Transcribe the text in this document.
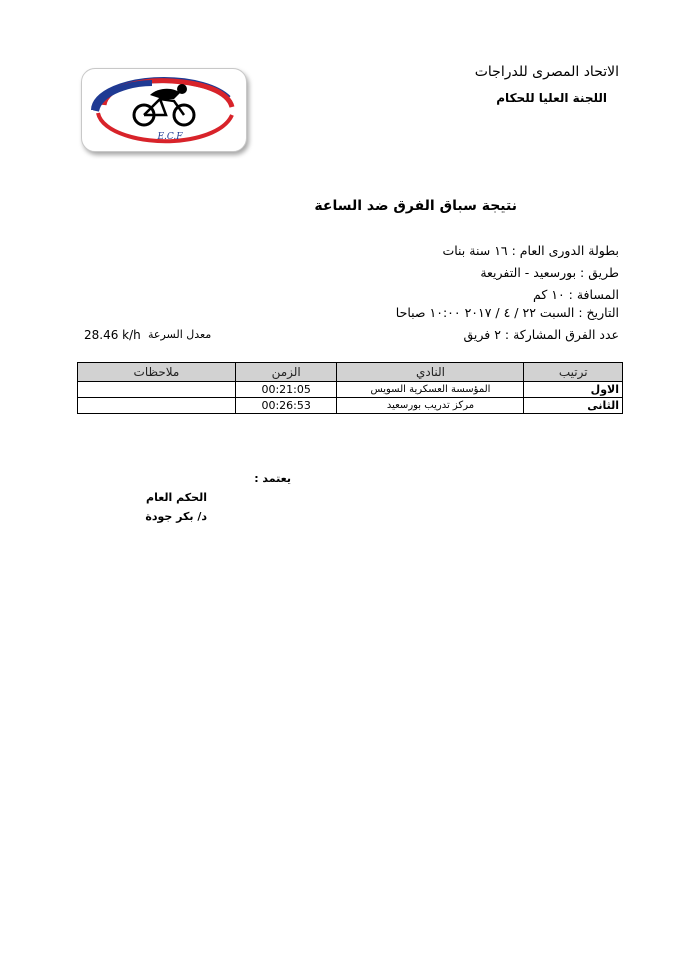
E.C.F
الاتحاد المصرى للدراجات
اللجنة العليا للحكام
نتيجة سباق الفرق ضد الساعة
بطولة الدورى العام : ١٦ سنة بنات
طريق : بورسعيد - التفريعة
المسافة : ١٠ كم
التاريخ : السبت ٢٢ / ٤ / ٢٠١٧ ١٠:٠٠ صباحا
عدد الفرق المشاركة : ٢ فريق
معدل السرعة
28.46 k/h
ترتيب	النادي	الزمن	ملاحظات
الاول	المؤسسة العسكرية السويس	00:21:05	
الثانى	مركز تدريب بورسعيد	00:26:53	
يعتمد :
الحكم العام
د/ بكر جودة
